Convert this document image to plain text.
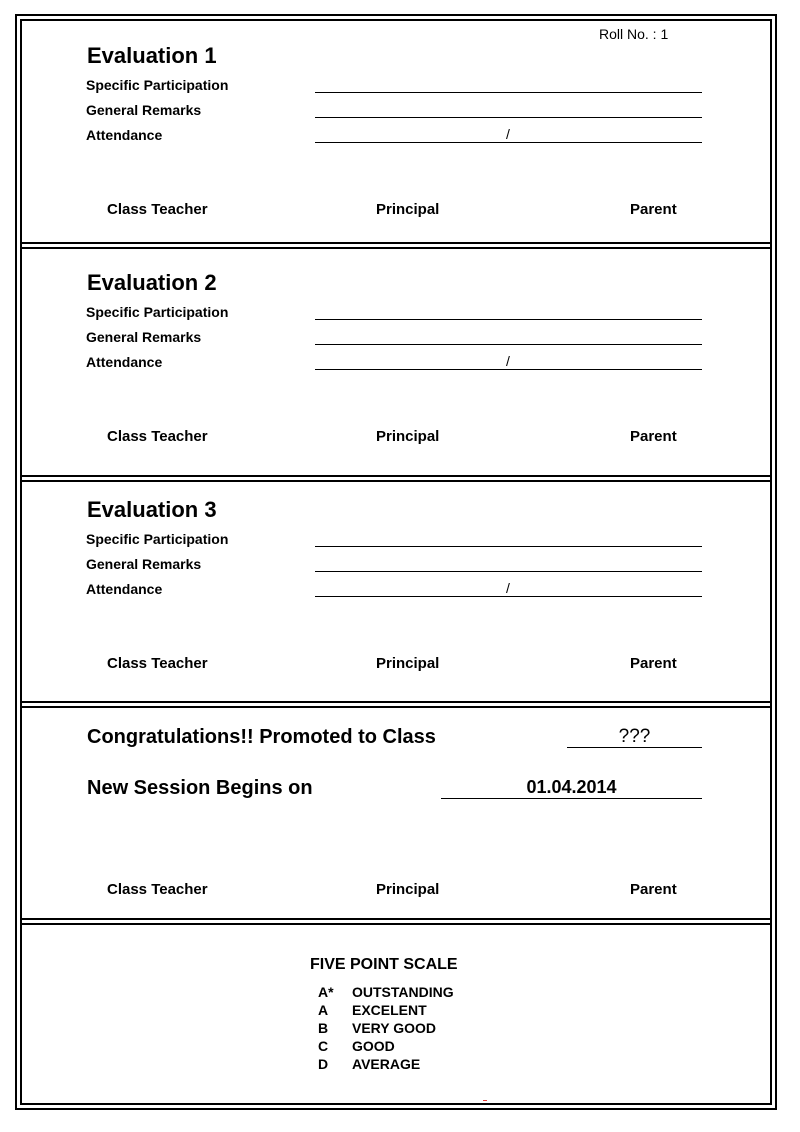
Roll No. : 1
Evaluation 1
Specific Participation
General Remarks
Attendance	/
Class Teacher	Principal	Parent
Evaluation 2
Specific Participation
General Remarks
Attendance	/
Class Teacher	Principal	Parent
Evaluation 3
Specific Participation
General Remarks
Attendance	/
Class Teacher	Principal	Parent
Congratulations!! Promoted to Class	???
New Session Begins on	01.04.2014
Class Teacher	Principal	Parent
FIVE POINT SCALE
A* OUTSTANDING
A EXCELENT
B VERY GOOD
C GOOD
D AVERAGE
